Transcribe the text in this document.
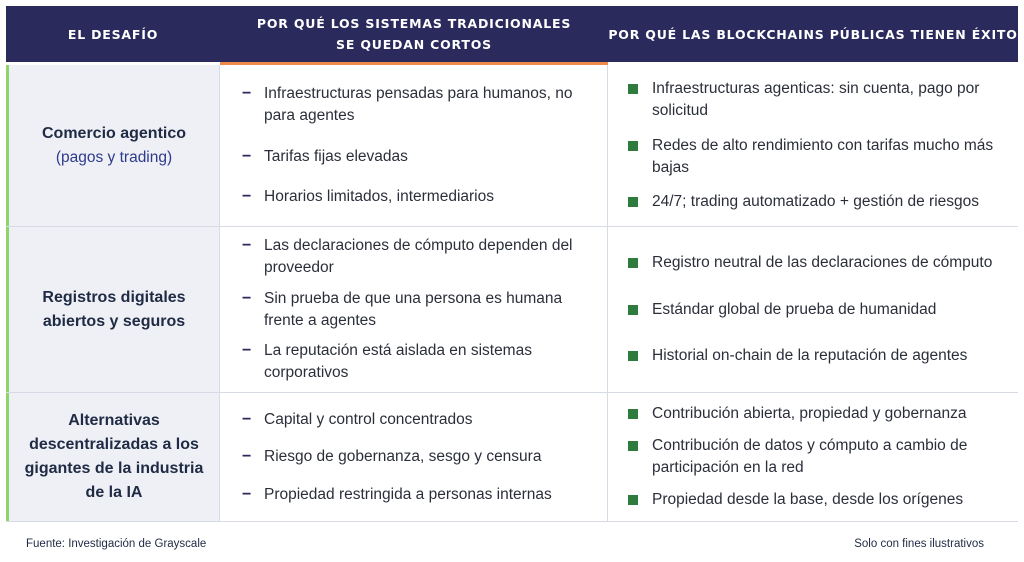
EL DESAFÍO
POR QUÉ LOS SISTEMAS TRADICIONALES
SE QUEDAN CORTOS
POR QUÉ LAS BLOCKCHAINS PÚBLICAS TIENEN ÉXITO
Comercio agentico
(pagos y trading)
− Infraestructuras pensadas para humanos, no para agentes
− Tarifas fijas elevadas
− Horarios limitados, intermediarios
Infraestructuras agenticas: sin cuenta, pago por solicitud
Redes de alto rendimiento con tarifas mucho más bajas
24/7; trading automatizado + gestión de riesgos
Registros digitales abiertos y seguros
− Las declaraciones de cómputo dependen del proveedor
− Sin prueba de que una persona es humana frente a agentes
− La reputación está aislada en sistemas corporativos
Registro neutral de las declaraciones de cómputo
Estándar global de prueba de humanidad
Historial on-chain de la reputación de agentes
Alternativas descentralizadas a los gigantes de la industria de la IA
− Capital y control concentrados
− Riesgo de gobernanza, sesgo y censura
− Propiedad restringida a personas internas
Contribución abierta, propiedad y gobernanza
Contribución de datos y cómputo a cambio de participación en la red
Propiedad desde la base, desde los orígenes
Fuente: Investigación de Grayscale	Solo con fines ilustrativos
